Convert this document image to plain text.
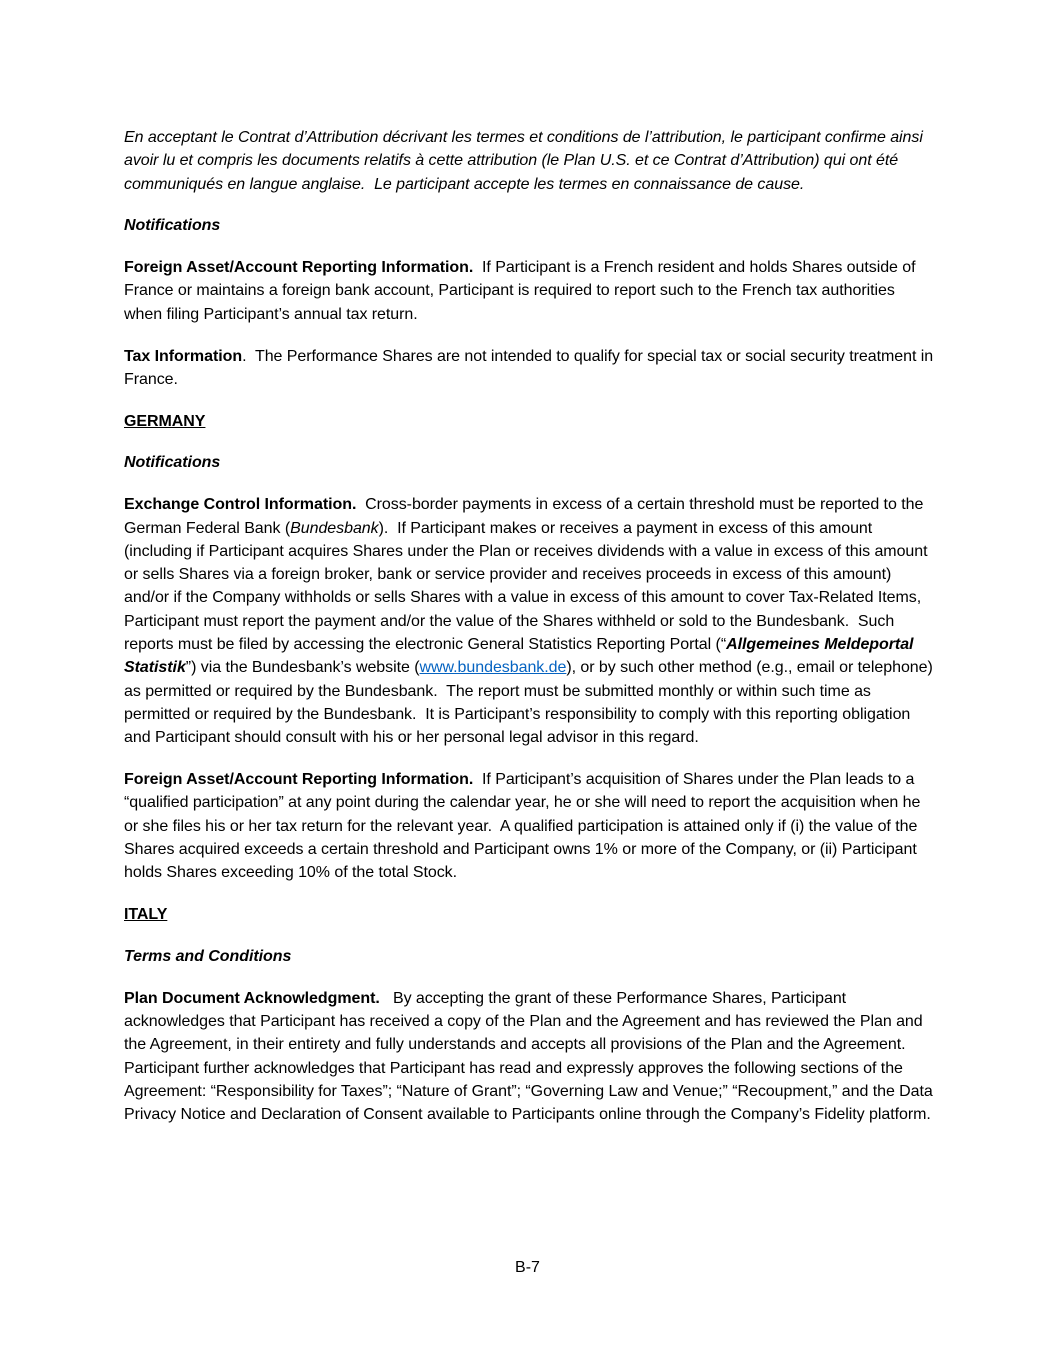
En acceptant le Contrat d’Attribution décrivant les termes et conditions de l’attribution, le participant confirme ainsi avoir lu et compris les documents relatifs à cette attribution (le Plan U.S. et ce Contrat d’Attribution) qui ont été communiqués en langue anglaise.  Le participant accepte les termes en connaissance de cause.

Notifications

Foreign Asset/Account Reporting Information.  If Participant is a French resident and holds Shares outside of France or maintains a foreign bank account, Participant is required to report such to the French tax authorities when filing Participant’s annual tax return.

Tax Information.  The Performance Shares are not intended to qualify for special tax or social security treatment in France.

GERMANY

Notifications

Exchange Control Information.  Cross-border payments in excess of a certain threshold must be reported to the German Federal Bank (Bundesbank).  If Participant makes or receives a payment in excess of this amount (including if Participant acquires Shares under the Plan or receives dividends with a value in excess of this amount or sells Shares via a foreign broker, bank or service provider and receives proceeds in excess of this amount) and/or if the Company withholds or sells Shares with a value in excess of this amount to cover Tax-Related Items, Participant must report the payment and/or the value of the Shares withheld or sold to the Bundesbank.  Such reports must be filed by accessing the electronic General Statistics Reporting Portal (“Allgemeines Meldeportal Statistik”) via the Bundesbank’s website (www.bundesbank.de), or by such other method (e.g., email or telephone) as permitted or required by the Bundesbank.  The report must be submitted monthly or within such time as permitted or required by the Bundesbank.  It is Participant’s responsibility to comply with this reporting obligation and Participant should consult with his or her personal legal advisor in this regard.

Foreign Asset/Account Reporting Information.  If Participant’s acquisition of Shares under the Plan leads to a “qualified participation” at any point during the calendar year, he or she will need to report the acquisition when he or she files his or her tax return for the relevant year.  A qualified participation is attained only if (i) the value of the Shares acquired exceeds a certain threshold and Participant owns 1% or more of the Company, or (ii) Participant holds Shares exceeding 10% of the total Stock.

ITALY

Terms and Conditions

Plan Document Acknowledgment.   By accepting the grant of these Performance Shares, Participant acknowledges that Participant has received a copy of the Plan and the Agreement and has reviewed the Plan and the Agreement, in their entirety and fully understands and accepts all provisions of the Plan and the Agreement.  Participant further acknowledges that Participant has read and expressly approves the following sections of the Agreement: “Responsibility for Taxes”; “Nature of Grant”; “Governing Law and Venue;” “Recoupment,” and the Data Privacy Notice and Declaration of Consent available to Participants online through the Company’s Fidelity platform.

B-7
